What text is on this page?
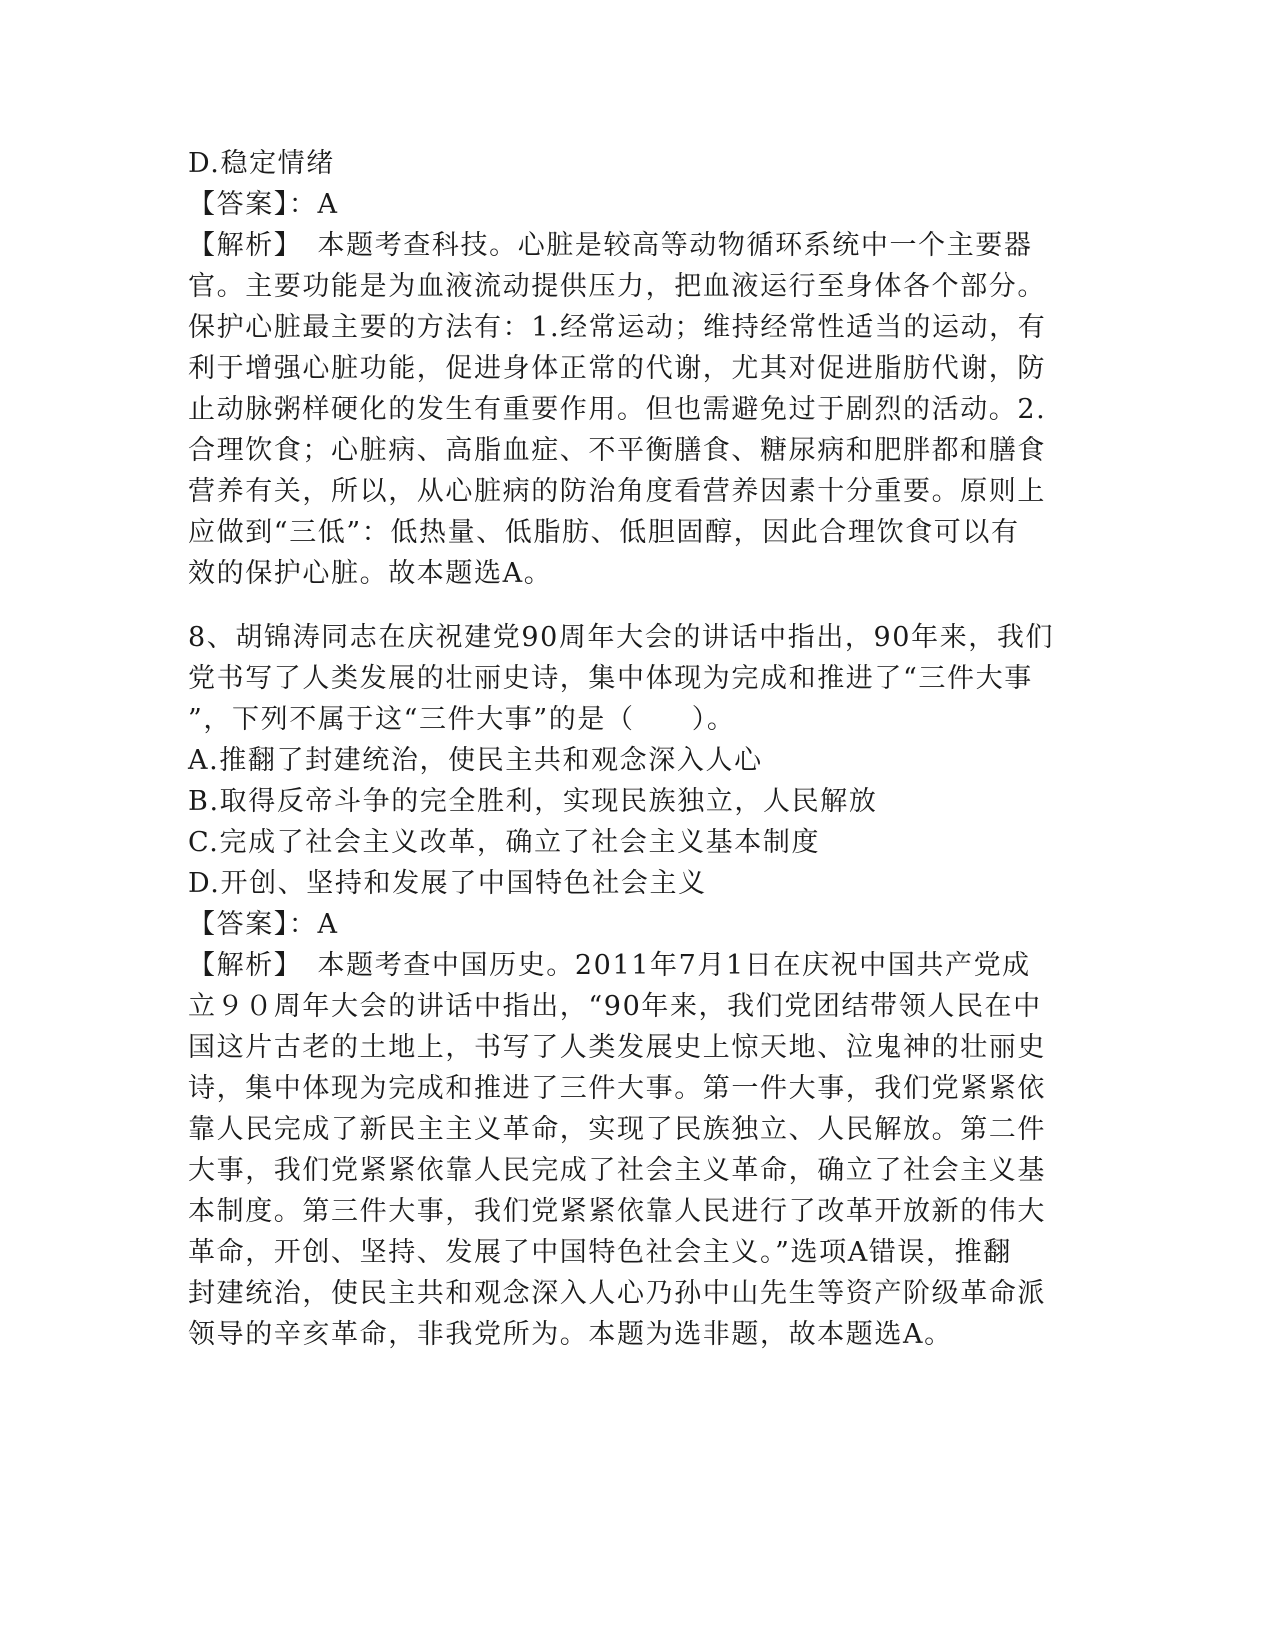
D.稳定情绪
【答案】：A
【解析】　本题考查科技。心脏是较高等动物循环系统中一个主要器
官。主要功能是为血液流动提供压力，把血液运行至身体各个部分。
保护心脏最主要的方法有：1.经常运动；维持经常性适当的运动，有
利于增强心脏功能，促进身体正常的代谢，尤其对促进脂肪代谢，防
止动脉粥样硬化的发生有重要作用。但也需避免过于剧烈的活动。2.
合理饮食；心脏病、高脂血症、不平衡膳食、糖尿病和肥胖都和膳食
营养有关，所以，从心脏病的防治角度看营养因素十分重要。原则上
应做到“三低”：低热量、低脂肪、低胆固醇，因此合理饮食可以有
效的保护心脏。故本题选A。
8、胡锦涛同志在庆祝建党90周年大会的讲话中指出，90年来，我们
党书写了人类发展的壮丽史诗，集中体现为完成和推进了“三件大事
”，下列不属于这“三件大事”的是（　　）。
A.推翻了封建统治，使民主共和观念深入人心
B.取得反帝斗争的完全胜利，实现民族独立，人民解放
C.完成了社会主义改革，确立了社会主义基本制度
D.开创、坚持和发展了中国特色社会主义
【答案】：A
【解析】　本题考查中国历史。2011年7月1日在庆祝中国共产党成
立９０周年大会的讲话中指出，“90年来，我们党团结带领人民在中
国这片古老的土地上，书写了人类发展史上惊天地、泣鬼神的壮丽史
诗，集中体现为完成和推进了三件大事。第一件大事，我们党紧紧依
靠人民完成了新民主主义革命，实现了民族独立、人民解放。第二件
大事，我们党紧紧依靠人民完成了社会主义革命，确立了社会主义基
本制度。第三件大事，我们党紧紧依靠人民进行了改革开放新的伟大
革命，开创、坚持、发展了中国特色社会主义。”选项A错误，推翻
封建统治，使民主共和观念深入人心乃孙中山先生等资产阶级革命派
领导的辛亥革命，非我党所为。本题为选非题，故本题选A。
